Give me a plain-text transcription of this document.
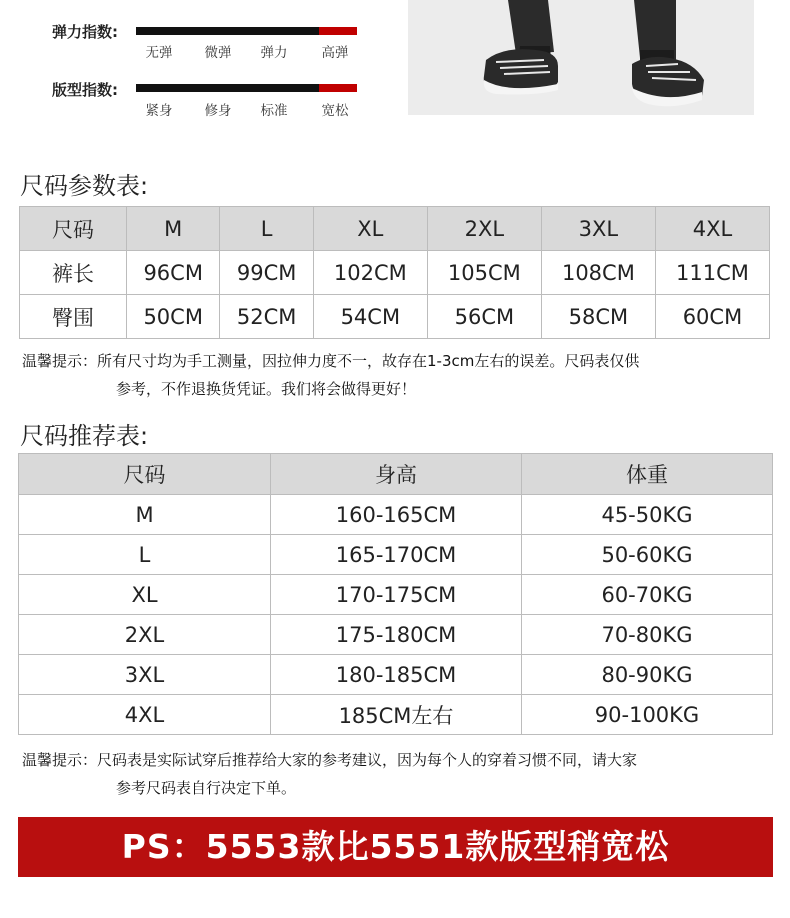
弹力指数:
无弹	微弹	弹力	高弹
版型指数:
紧身	修身	标准	宽松
尺码参数表:
尺码	M	L	XL	2XL	3XL	4XL
裤长	96CM	99CM	102CM	105CM	108CM	111CM
臀围	50CM	52CM	54CM	56CM	58CM	60CM
温馨提示：所有尺寸均为手工测量，因拉伸力度不一，故存在1-3cm左右的误差。尺码表仅供
参考，不作退换货凭证。我们将会做得更好！
尺码推荐表:
尺码	身高	体重
M	160-165CM	45-50KG
L	165-170CM	50-60KG
XL	170-175CM	60-70KG
2XL	175-180CM	70-80KG
3XL	180-185CM	80-90KG
4XL	185CM左右	90-100KG
温馨提示：尺码表是实际试穿后推荐给大家的参考建议，因为每个人的穿着习惯不同，请大家
参考尺码表自行决定下单。
PS：5553款比5551款版型稍宽松
